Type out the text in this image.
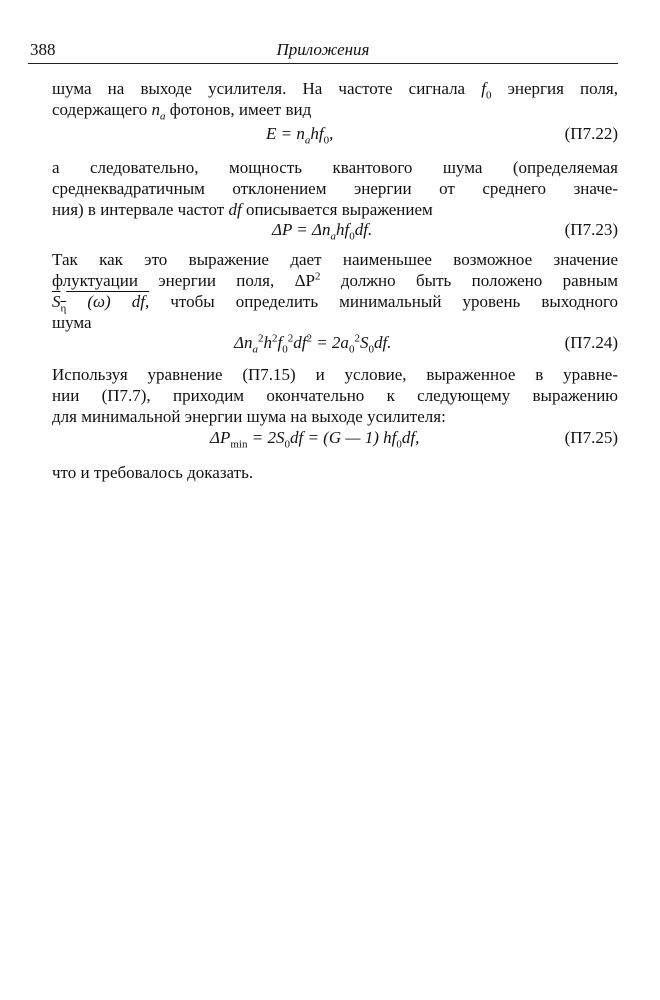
388	Приложения
шума на выходе усилителя. На частоте сигнала $f_0$ энергия поля,
содержащего $n_a$ фотонов, имеет вид
$E = n_ahf_0$,	(П7.22)
а следовательно, мощность квантового шума (определяемая
среднеквадратичным отклонением энергии от среднего значе-
ния) в интервале частот df описывается выражением
$\Delta P = \Delta n_ahf_0df$.	(П7.23)
Так как это выражение дает наименьшее возможное значение
флуктуации энергии поля, $\Delta P^2$ должно быть положено равным
$S_\eta$ (ω) df, чтобы определить минимальный уровень выходного
шума
$\Delta n_a^2h^2f_0^2df^2 = 2a_0^2S_0df$.	(П7.24)
Используя уравнение (П7.15) и условие, выраженное в уравне-
нии (П7.7), приходим окончательно к следующему выражению
для минимальной энергии шума на выходе усилителя:
$\Delta P_{min} = 2S_0df = (G$ — 1) $hf_0df$,	(П7.25)
что и требовалось доказать.
